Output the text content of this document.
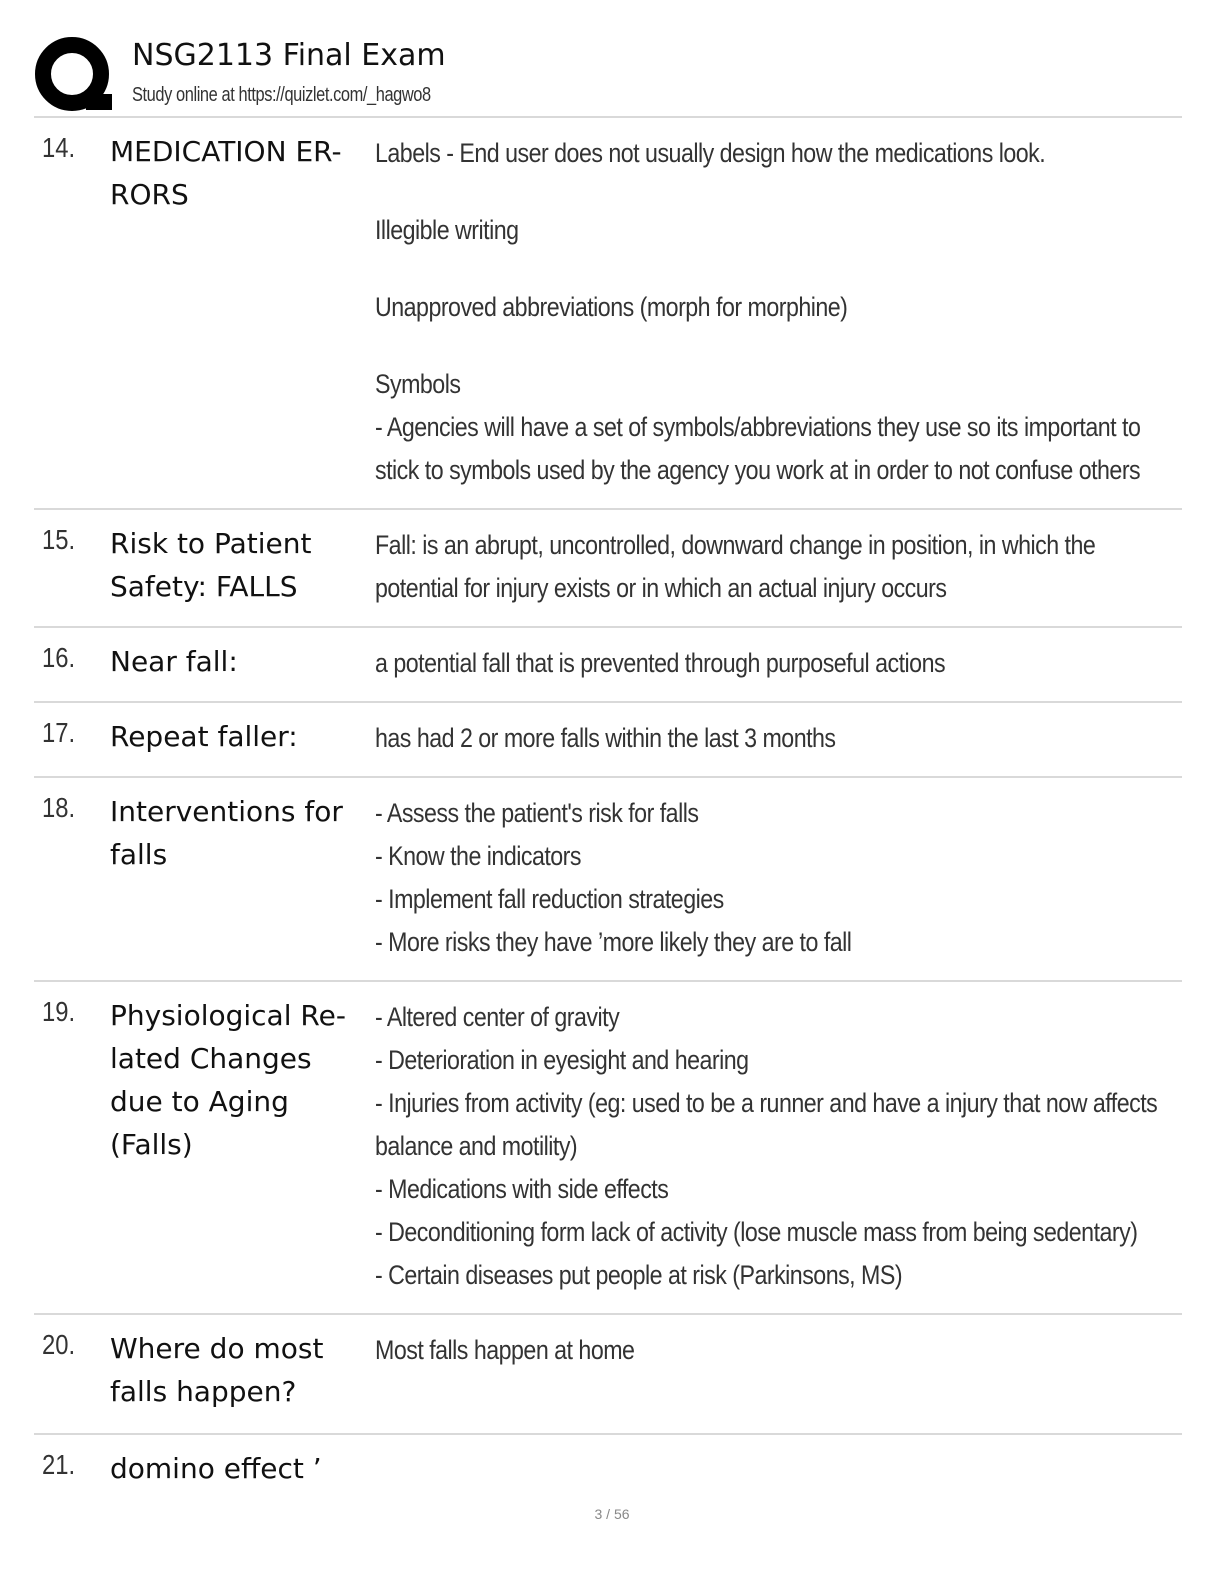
NSG2113 Final Exam
Study online at https://quizlet.com/_hagwo8
14. MEDICATION ER-RORS
Labels - End user does not usually design how the medications look.
Illegible writing
Unapproved abbreviations (morph for morphine)
Symbols
- Agencies will have a set of symbols/abbreviations they use so its important to
stick to symbols used by the agency you work at in order to not confuse others
15. Risk to Patient Safety: FALLS
Fall: is an abrupt, uncontrolled, downward change in position, in which the
potential for injury exists or in which an actual injury occurs
16. Near fall:	a potential fall that is prevented through purposeful actions
17. Repeat faller:	has had 2 or more falls within the last 3 months
18. Interventions for falls
- Assess the patient's risk for falls
- Know the indicators
- Implement fall reduction strategies
- More risks they have ’more likely they are to fall
19. Physiological Re-lated Changes due to Aging (Falls)
- Altered center of gravity
- Deterioration in eyesight and hearing
- Injuries from activity (eg: used to be a runner and have a injury that now affects
balance and motility)
- Medications with side effects
- Deconditioning form lack of activity (lose muscle mass from being sedentary)
- Certain diseases put people at risk (Parkinsons, MS)
20. Where do most falls happen?
Most falls happen at home
21. domino effect ’

3 / 56
